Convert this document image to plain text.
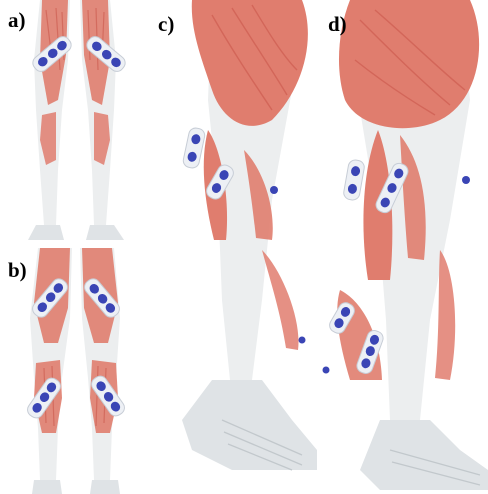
a)
b)
c)	d)
